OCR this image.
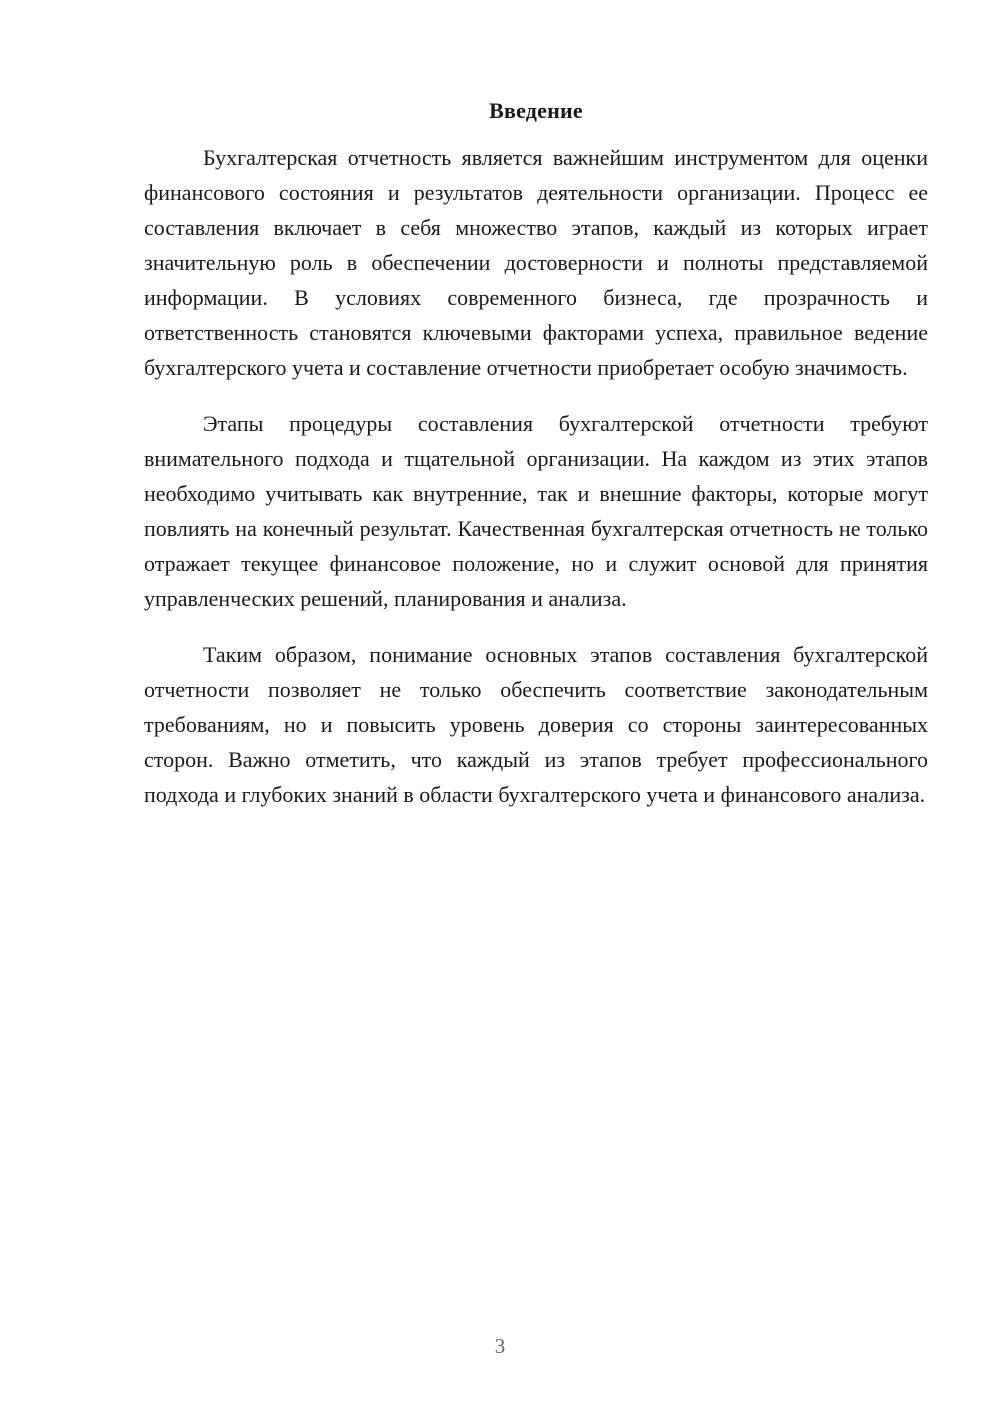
Введение

Бухгалтерская отчетность является важнейшим инструментом для оценки финансового состояния и результатов деятельности организации. Процесс ее составления включает в себя множество этапов, каждый из которых играет значительную роль в обеспечении достоверности и полноты представляемой информации. В условиях современного бизнеса, где прозрачность и ответственность становятся ключевыми факторами успеха, правильное ведение бухгалтерского учета и составление отчетности приобретает особую значимость.

Этапы процедуры составления бухгалтерской отчетности требуют внимательного подхода и тщательной организации. На каждом из этих этапов необходимо учитывать как внутренние, так и внешние факторы, которые могут повлиять на конечный результат. Качественная бухгалтерская отчетность не только отражает текущее финансовое положение, но и служит основой для принятия управленческих решений, планирования и анализа.

Таким образом, понимание основных этапов составления бухгалтерской отчетности позволяет не только обеспечить соответствие законодательным требованиям, но и повысить уровень доверия со стороны заинтересованных сторон. Важно отметить, что каждый из этапов требует профессионального подхода и глубоких знаний в области бухгалтерского учета и финансового анализа.

3
